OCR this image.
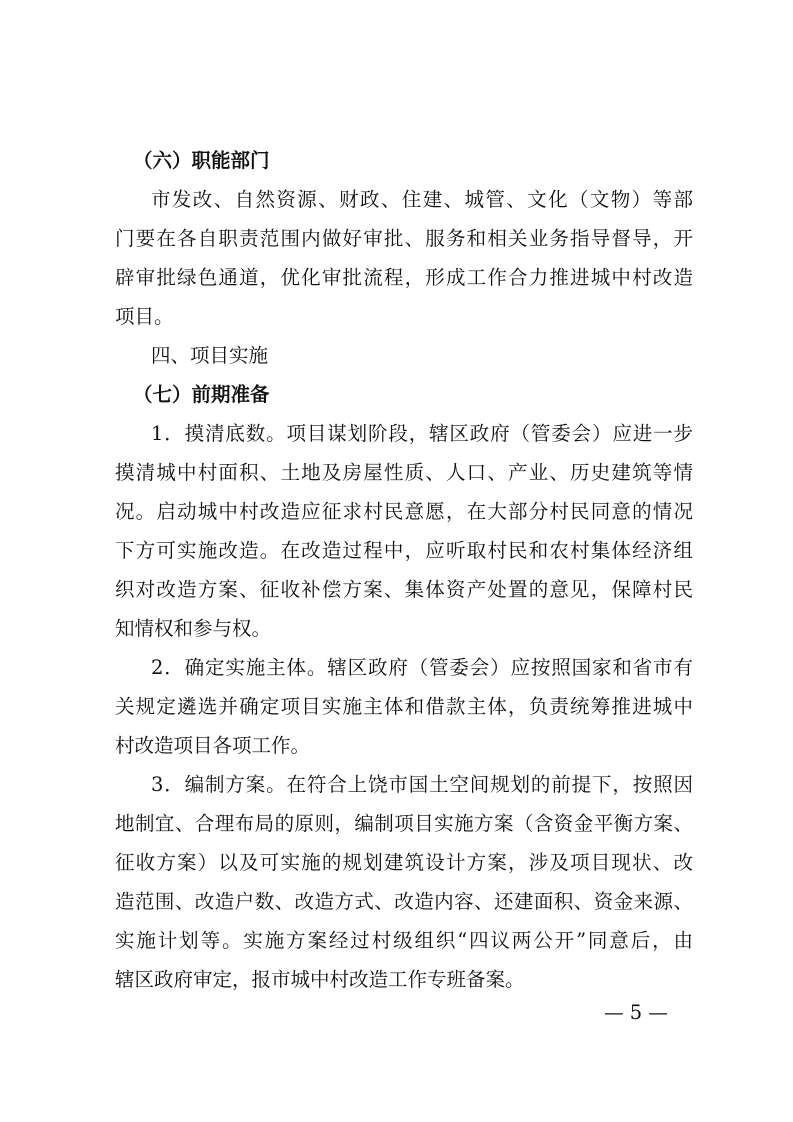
（六）职能部门
市发改、自然资源、财政、住建、城管、文化（文物）等部
门要在各自职责范围内做好审批、服务和相关业务指导督导，开
辟审批绿色通道，优化审批流程，形成工作合力推进城中村改造
项目。
四、项目实施
（七）前期准备
1．摸清底数。项目谋划阶段，辖区政府（管委会）应进一步
摸清城中村面积、土地及房屋性质、人口、产业、历史建筑等情
况。启动城中村改造应征求村民意愿，在大部分村民同意的情况
下方可实施改造。在改造过程中，应听取村民和农村集体经济组
织对改造方案、征收补偿方案、集体资产处置的意见，保障村民
知情权和参与权。
2．确定实施主体。辖区政府（管委会）应按照国家和省市有
关规定遴选并确定项目实施主体和借款主体，负责统筹推进城中
村改造项目各项工作。
3．编制方案。在符合上饶市国土空间规划的前提下，按照因
地制宜、合理布局的原则，编制项目实施方案（含资金平衡方案、
征收方案）以及可实施的规划建筑设计方案，涉及项目现状、改
造范围、改造户数、改造方式、改造内容、还建面积、资金来源、
实施计划等。实施方案经过村级组织“四议两公开”同意后，由
辖区政府审定，报市城中村改造工作专班备案。
— 5 —
